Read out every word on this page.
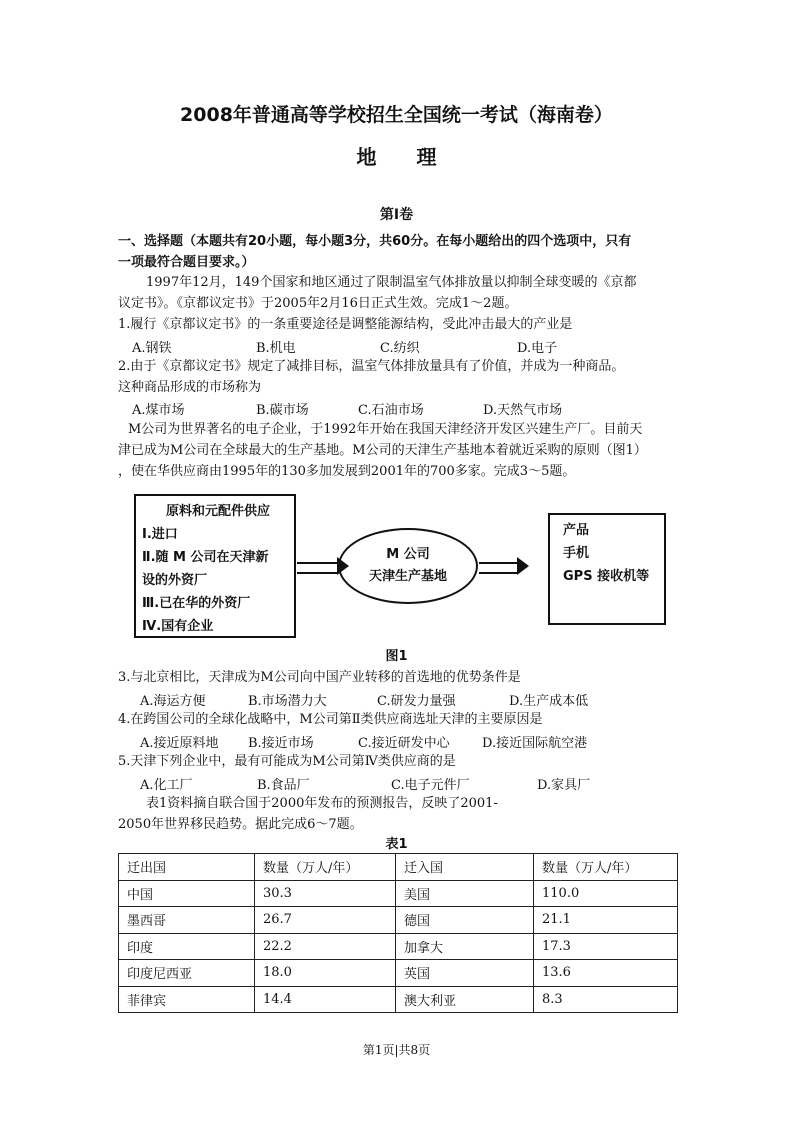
2008年普通高等学校招生全国统一考试（海南卷）
地理
第Ⅰ卷
一、选择题（本题共有20小题，每小题3分，共60分。在每小题给出的四个选项中，只有
一项最符合题目要求。）
1997年12月，149个国家和地区通过了限制温室气体排放量以抑制全球变暖的《京都
议定书》。《京都议定书》于2005年2月16日正式生效。完成1～2题。
1.履行《京都议定书》的一条重要途径是调整能源结构，受此冲击最大的产业是
A.钢铁	B.机电	C.纺织	D.电子
2.由于《京都议定书》规定了减排目标，温室气体排放量具有了价值，并成为一种商品。
这种商品形成的市场称为
A.煤市场	B.碳市场	C.石油市场	D.天然气市场
M公司为世界著名的电子企业，于1992年开始在我国天津经济开发区兴建生产厂。目前天
津已成为M公司在全球最大的生产基地。M公司的天津生产基地本着就近采购的原则（图1）
，使在华供应商由1995年的130多加发展到2001年的700多家。完成3～5题。
原料和元配件供应
Ⅰ.进口
Ⅱ.随 M 公司在天津新
设的外资厂
Ⅲ.已在华的外资厂
Ⅳ.国有企业
M 公司
天津生产基地
产品
手机
GPS 接收机等
图1
3.与北京相比，天津成为M公司向中国产业转移的首选地的优势条件是
A.海运方便	B.市场潜力大	C.研发力量强	D.生产成本低
4.在跨国公司的全球化战略中，M公司第Ⅱ类供应商选址天津的主要原因是
A.接近原料地 B.接近市场	C.接近研发中心 D.接近国际航空港
5.天津下列企业中，最有可能成为M公司第Ⅳ类供应商的是
A.化工厂	B.食品厂	C.电子元件厂	D.家具厂
表1资料摘自联合国于2000年发布的预测报告，反映了2001-
2050年世界移民趋势。据此完成6～7题。
表1
迁出国	数量（万人/年）	迁入国	数量（万人/年）
中国	30.3	美国	110.0
墨西哥	26.7	德国	21.1
印度	22.2	加拿大	17.3
印度尼西亚	18.0	英国	13.6
菲律宾	14.4	澳大利亚	8.3
第1页|共8页
